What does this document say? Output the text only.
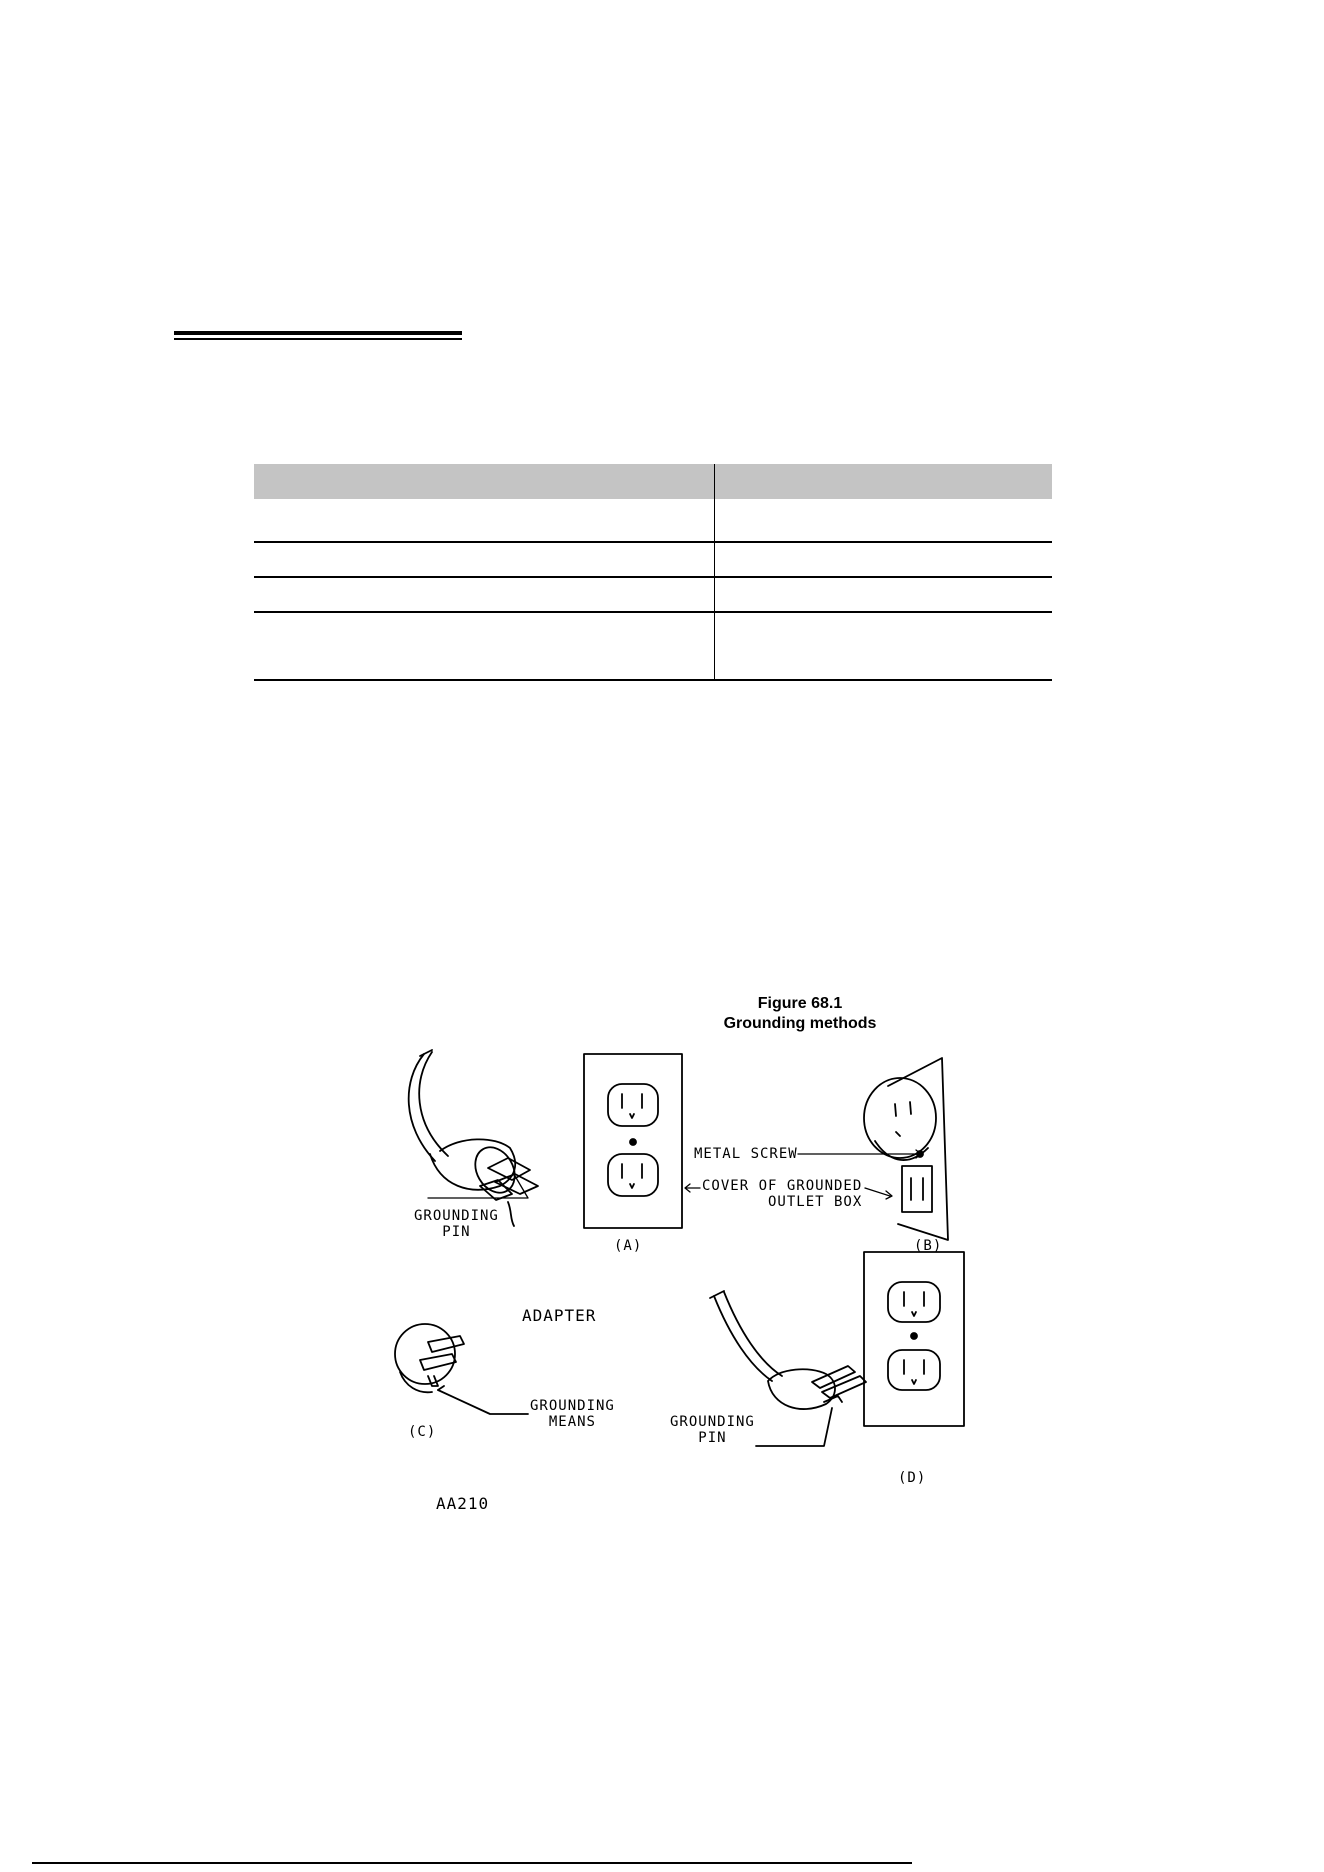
Figure 68.1
Grounding methods
GROUNDING
PIN
(A)
METAL SCREW
COVER OF GROUNDED
OUTLET BOX
(B)
ADAPTER
GROUNDING
MEANS
(C)
GROUNDING
PIN
(D)
AA210
